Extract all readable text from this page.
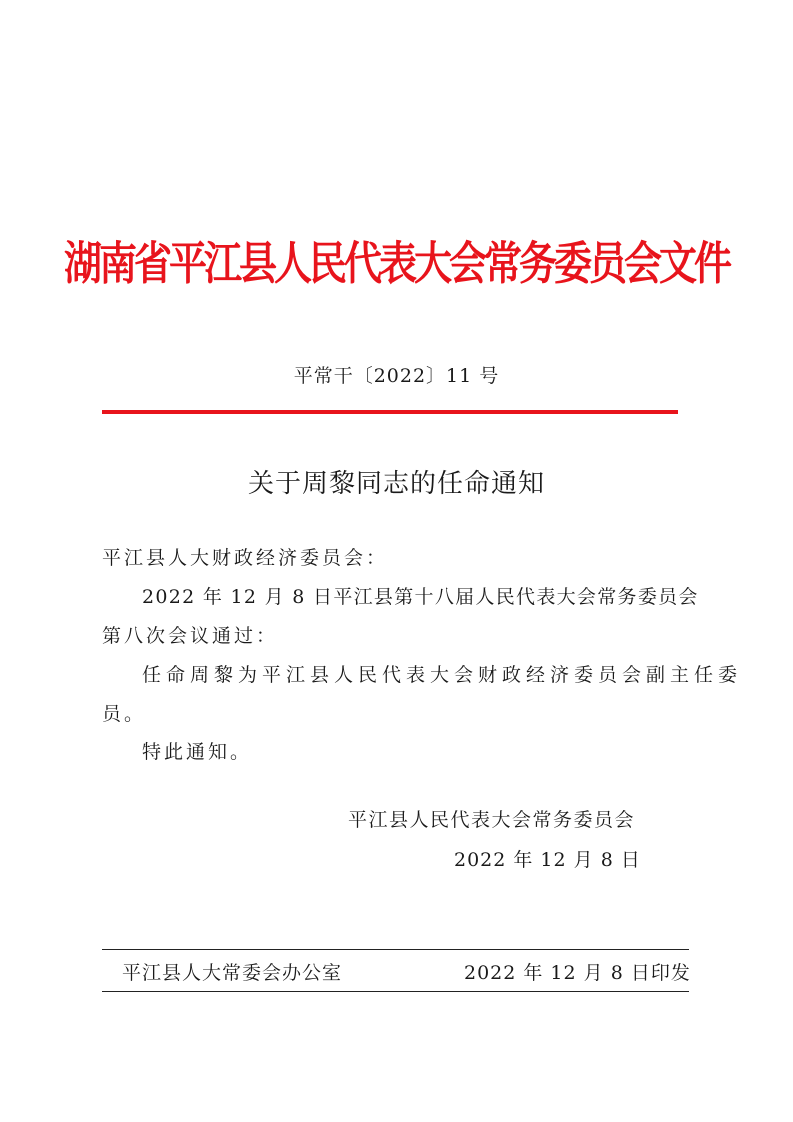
湖南省平江县人民代表大会常务委员会文件
平常干〔2022〕11 号
关于周黎同志的任命通知
平江县人大财政经济委员会：
2022 年 12 月 8 日平江县第十八届人民代表大会常务委员会
第八次会议通过：
任命周黎为平江县人民代表大会财政经济委员会副主任委
员。
特此通知。
平江县人民代表大会常务委员会
2022 年 12 月 8 日
平江县人大常委会办公室	2022 年 12 月 8 日印发
